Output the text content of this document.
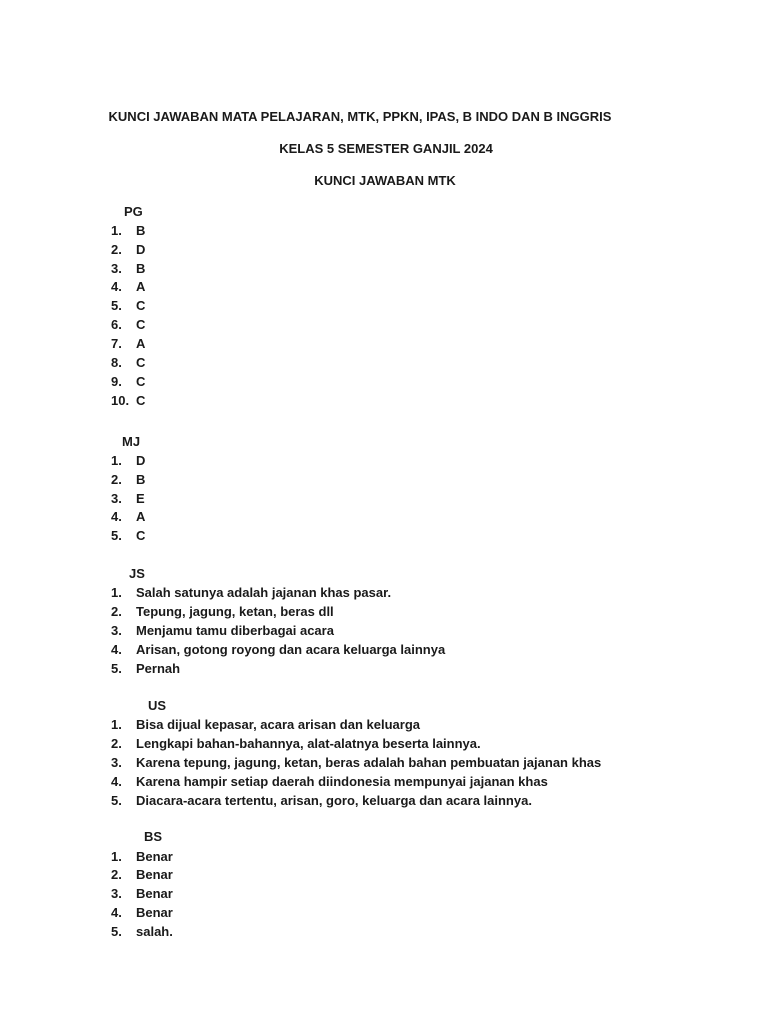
KUNCI JAWABAN MATA PELAJARAN, MTK, PPKN, IPAS, B INDO DAN B INGGRIS
KELAS 5 SEMESTER GANJIL 2024
KUNCI JAWABAN MTK
PG
1.	B
2.	D
3.	B
4.	A
5.	C
6.	C
7.	A
8.	C
9.	C
10. C
MJ
1.	D
2.	B
3.	E
4.	A
5.	C
JS
1.	Salah satunya adalah jajanan khas pasar.
2.	Tepung, jagung, ketan, beras dll
3.	Menjamu tamu diberbagai acara
4.	Arisan, gotong royong dan acara keluarga lainnya
5.	Pernah
US
1.	Bisa dijual kepasar, acara arisan dan keluarga
2.	Lengkapi bahan-bahannya, alat-alatnya beserta lainnya.
3.	Karena tepung, jagung, ketan, beras adalah bahan pembuatan jajanan khas
4.	Karena hampir setiap daerah diindonesia mempunyai jajanan khas
5.	Diacara-acara tertentu, arisan, goro, keluarga dan acara lainnya.
BS
1.	Benar
2.	Benar
3.	Benar
4.	Benar
5.	salah.
